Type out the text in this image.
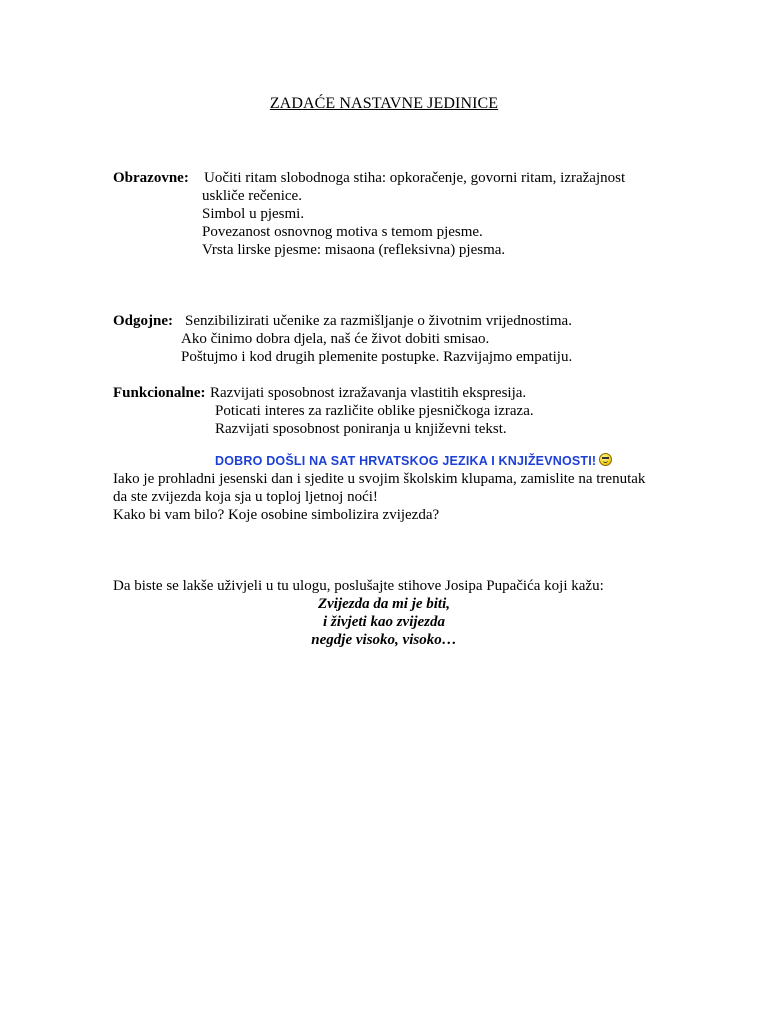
ZADAĆE NASTAVNE JEDINICE
Obrazovne: Uočiti ritam slobodnoga stiha: opkoračenje, govorni ritam, izražajnost
uskliče rečenice.
Simbol u pjesmi.
Povezanost osnovnog motiva s temom pjesme.
Vrsta lirske pjesme: misaona (refleksivna) pjesma.
Odgojne: Senzibilizirati učenike za razmišljanje o životnim vrijednostima.
Ako činimo dobra djela, naš će život dobiti smisao.
Poštujmo i kod drugih plemenite postupke. Razvijajmo empatiju.
Funkcionalne: Razvijati sposobnost izražavanja vlastitih ekspresija.
Poticati interes za različite oblike pjesničkoga izraza.
Razvijati sposobnost poniranja u književni tekst.
DOBRO DOŠLI NA SAT HRVATSKOG JEZIKA I KNJIŽEVNOSTI!
Iako je prohladni jesenski dan i sjedite u svojim školskim klupama, zamislite na trenutak
da ste zvijezda koja sja u toploj ljetnoj noći!
Kako bi vam bilo? Koje osobine simbolizira zvijezda?
Da biste se lakše uživjeli u tu ulogu, poslušajte stihove Josipa Pupačića koji kažu:
Zvijezda da mi je biti,
i živjeti kao zvijezda
negdje visoko, visoko…
